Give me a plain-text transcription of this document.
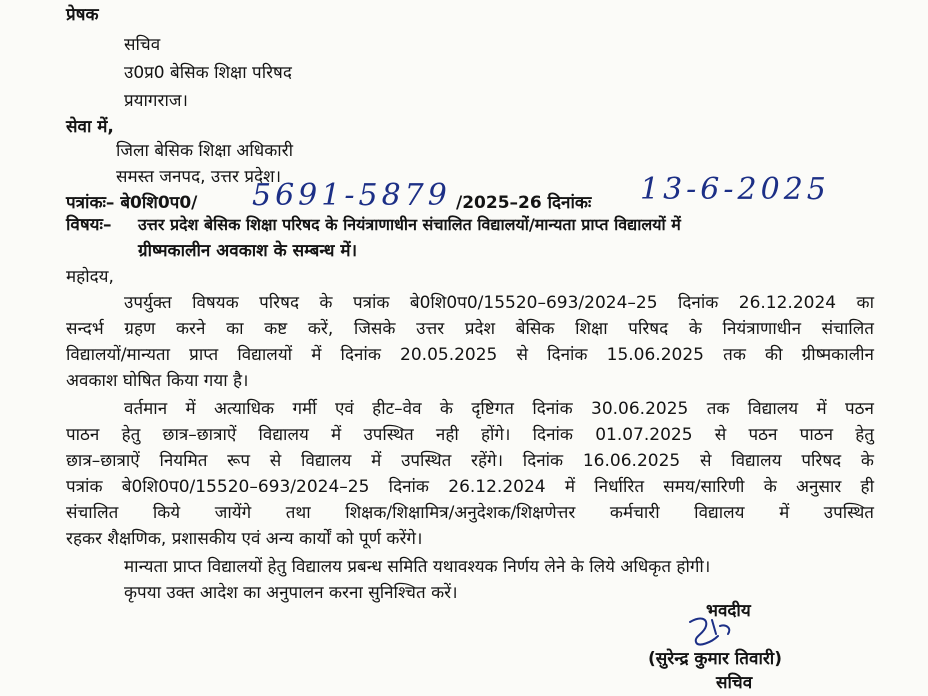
प्रेषक
सचिव
उ0प्र0 बेसिक शिक्षा परिषद
प्रयागराज।
सेवा में,
जिला बेसिक शिक्षा अधिकारी
समस्त जनपद, उत्तर प्रदेश।
पत्रांकः– बे0शि0प0/ 5691-5879 /2025–26 दिनांकः 13-6-2025
विषयः– उत्तर प्रदेश बेसिक शिक्षा परिषद के नियंत्राणाधीन संचालित विद्यालयों/मान्यता प्राप्त विद्यालयों में
ग्रीष्मकालीन अवकाश के सम्बन्ध में।
महोदय,
उपर्युक्त विषयक परिषद के पत्रांक बे0शि0प0/15520–693/2024–25 दिनांक 26.12.2024 का
सन्दर्भ ग्रहण करने का कष्ट करें, जिसके उत्तर प्रदेश बेसिक शिक्षा परिषद के नियंत्राणाधीन संचालित
विद्यालयों/मान्यता प्राप्त विद्यालयों में दिनांक 20.05.2025 से दिनांक 15.06.2025 तक की ग्रीष्मकालीन
अवकाश घोषित किया गया है।
वर्तमान में अत्याधिक गर्मी एवं हीट–वेव के दृष्टिगत दिनांक 30.06.2025 तक विद्यालय में पठन
पाठन हेतु छात्र–छात्राऐं विद्यालय में उपस्थित नही होंगे। दिनांक 01.07.2025 से पठन पाठन हेतु
छात्र–छात्राऐं नियमित रूप से विद्यालय में उपस्थित रहेंगे। दिनांक 16.06.2025 से विद्यालय परिषद के
पत्रांक बे0शि0प0/15520–693/2024–25 दिनांक 26.12.2024 में निर्धारित समय/सारिणी के अनुसार ही
संचालित किये जायेंगे तथा शिक्षक/शिक्षामित्र/अनुदेशक/शिक्षणेत्तर कर्मचारी विद्यालय में उपस्थित
रहकर शैक्षणिक, प्रशासकीय एवं अन्य कार्यों को पूर्ण करेंगे।
मान्यता प्राप्त विद्यालयों हेतु विद्यालय प्रबन्ध समिति यथावश्यक निर्णय लेने के लिये अधिकृत होगी।
कृपया उक्त आदेश का अनुपालन करना सुनिश्चित करें।
भवदीय
(सुरेन्द्र कुमार तिवारी)
सचिव
